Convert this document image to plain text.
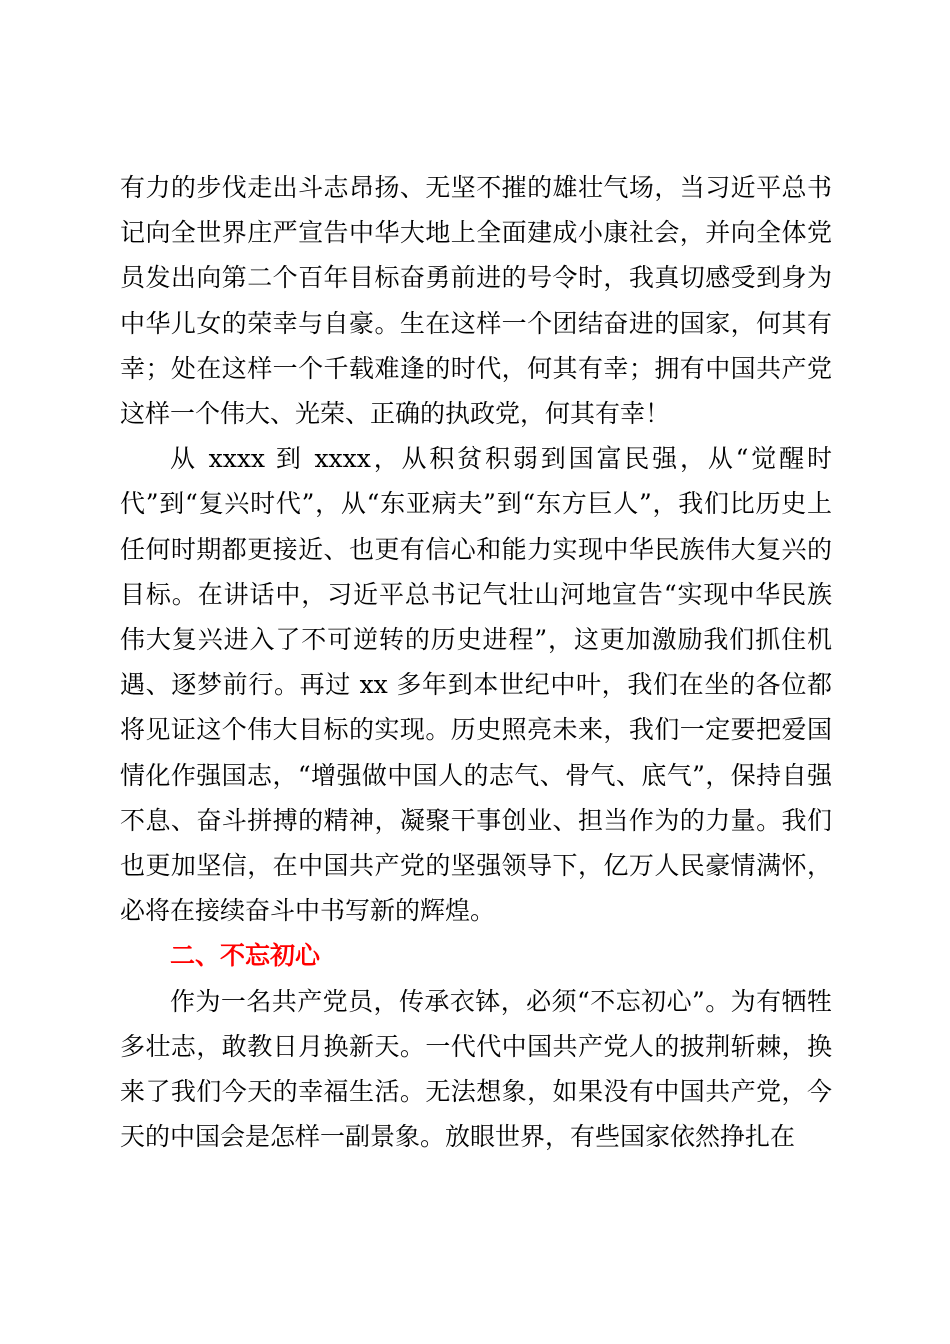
有力的步伐走出斗志昂扬、无坚不摧的雄壮气场，当习近平总书记向全世界庄严宣告中华大地上全面建成小康社会，并向全体党员发出向第二个百年目标奋勇前进的号令时，我真切感受到身为中华儿女的荣幸与自豪。生在这样一个团结奋进的国家，何其有幸；处在这样一个千载难逢的时代，何其有幸；拥有中国共产党这样一个伟大、光荣、正确的执政党，何其有幸！

从 xxxx 到 xxxx，从积贫积弱到国富民强，从“觉醒时代”到“复兴时代”，从“东亚病夫”到“东方巨人”，我们比历史上任何时期都更接近、也更有信心和能力实现中华民族伟大复兴的目标。在讲话中，习近平总书记气壮山河地宣告“实现中华民族伟大复兴进入了不可逆转的历史进程”，这更加激励我们抓住机遇、逐梦前行。再过 xx 多年到本世纪中叶，我们在坐的各位都将见证这个伟大目标的实现。历史照亮未来，我们一定要把爱国情化作强国志，“增强做中国人的志气、骨气、底气”，保持自强不息、奋斗拼搏的精神，凝聚干事创业、担当作为的力量。我们也更加坚信，在中国共产党的坚强领导下，亿万人民豪情满怀，必将在接续奋斗中书写新的辉煌。

二、不忘初心

作为一名共产党员，传承衣钵，必须“不忘初心”。为有牺牲多壮志，敢教日月换新天。一代代中国共产党人的披荆斩棘，换来了我们今天的幸福生活。无法想象，如果没有中国共产党，今天的中国会是怎样一副景象。放眼世界，有些国家依然挣扎在
